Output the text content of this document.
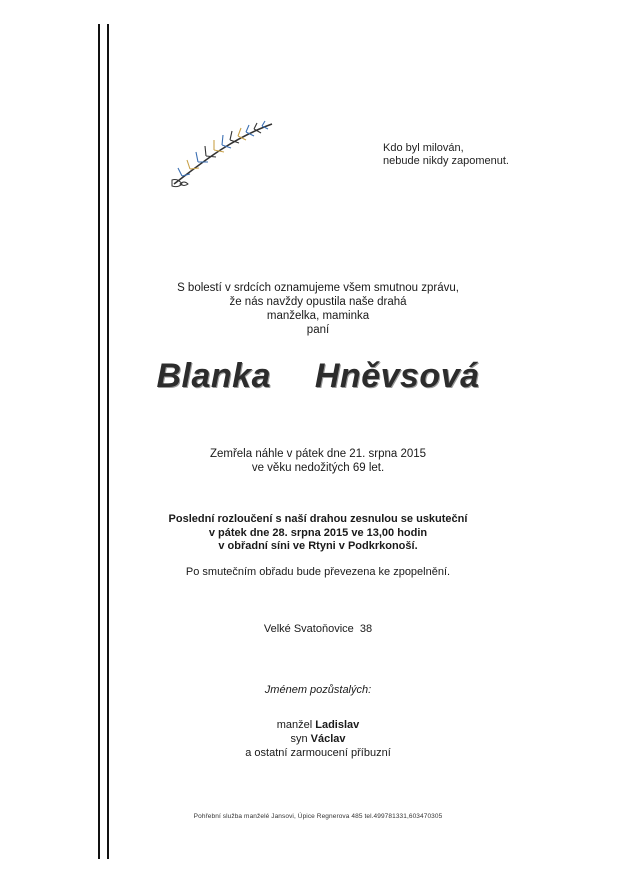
Kdo byl milován,
nebude nikdy zapomenut.
S bolestí v srdcích oznamujeme všem smutnou zprávu,
že nás navždy opustila naše drahá
manželka, maminka
paní
Blanka  Hněvsová
Zemřela náhle v pátek dne 21. srpna 2015
ve věku nedožitých 69 let.
Poslední rozloučení s naší drahou zesnulou se uskuteční
v pátek dne 28. srpna 2015 ve 13,00 hodin
v obřadní síni ve Rtyni v Podkrkonoší.
Po smutečním obřadu bude převezena ke zpopelnění.
Velké Svatoňovice  38
Jménem pozůstalých:
manžel Ladislav
syn Václav
a ostatní zarmoucení příbuzní
Pohřební služba manželé Jansovi, Úpice Regnerova 485 tel.499781331,603470305
